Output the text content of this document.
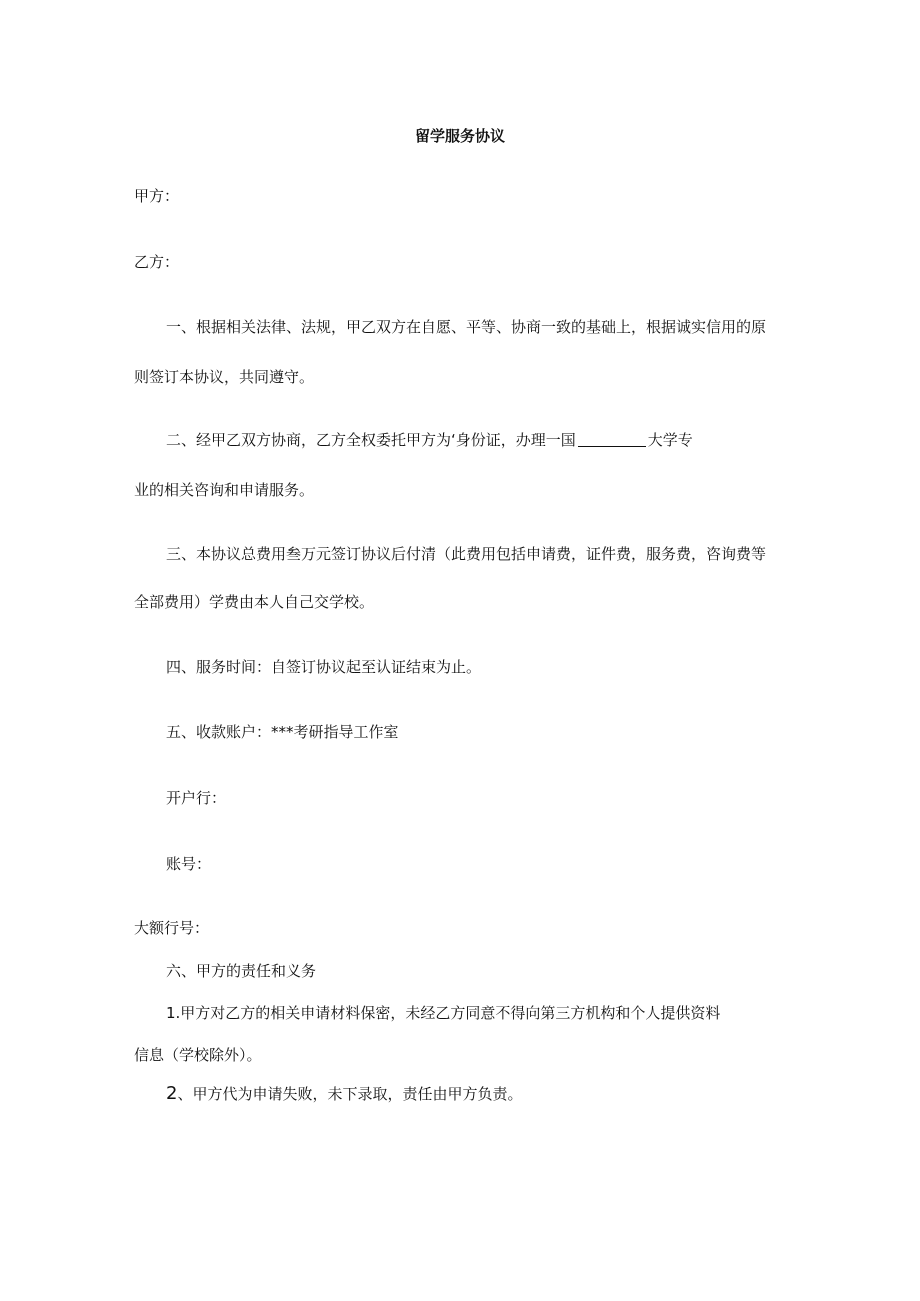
留学服务协议

甲方：

乙方：

一、根据相关法律、法规，甲乙双方在自愿、平等、协商一致的基础上，根据诚实信用的原

则签订本协议，共同遵守。

二、经甲乙双方协商，乙方全权委托甲方为‘身份证，办理一国	大学专

业的相关咨询和申请服务。

三、本协议总费用叁万元签订协议后付清（此费用包括申请费，证件费，服务费，咨询费等

全部费用）学费由本人自己交学校。

四、服务时间：自签订协议起至认证结束为止。

五、收款账户：***考研指导工作室

开户行：

账号：

大额行号：

六、甲方的责任和义务

1.甲方对乙方的相关申请材料保密，未经乙方同意不得向第三方机构和个人提供资料

信息（学校除外）。

2、甲方代为申请失败，未下录取，责任由甲方负责。
